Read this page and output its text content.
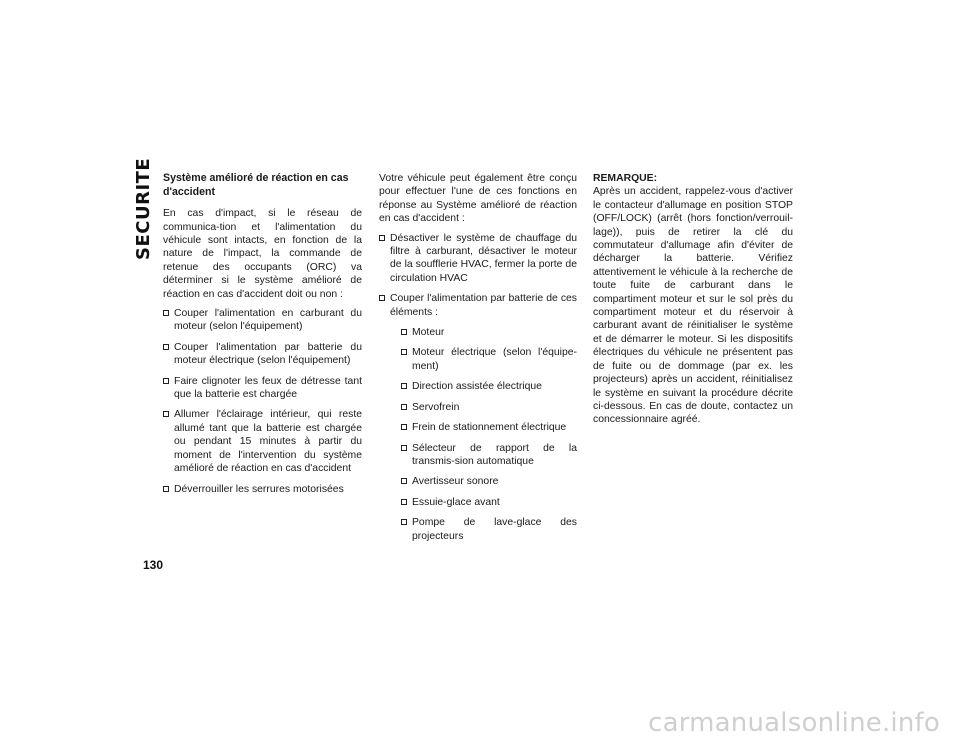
SECURITE Système amélioré de réaction en cas d'accident

En cas d'impact, si le réseau de communica-tion et l'alimentation du véhicule sont intacts, en fonction de la nature de l'impact, la commande de retenue des occupants (ORC) va déterminer si le système amélioré de réaction en cas d'accident doit ou non :

Couper l'alimentation en carburant du moteur (selon l'équipement)
Couper l'alimentation par batterie du moteur électrique (selon l'équipement)
Faire clignoter les feux de détresse tant que la batterie est chargée
Allumer l'éclairage intérieur, qui reste allumé tant que la batterie est chargée ou pendant 15 minutes à partir du moment de l'intervention du système amélioré de réaction en cas d'accident
Déverrouiller les serrures motorisées

Votre véhicule peut également être conçu pour effectuer l'une de ces fonctions en réponse au Système amélioré de réaction en cas d'accident :

Désactiver le système de chauffage du filtre à carburant, désactiver le moteur de la soufflerie HVAC, fermer la porte de circulation HVAC
Couper l'alimentation par batterie de ces éléments :
Moteur
Moteur électrique (selon l'équipe-ment)
Direction assistée électrique
Servofrein
Frein de stationnement électrique
Sélecteur de rapport de la transmis-sion automatique
Avertisseur sonore
Essuie-glace avant
Pompe de lave-glace des projecteurs

REMARQUE:

Après un accident, rappelez-vous d'activer le contacteur d'allumage en position STOP (OFF/LOCK) (arrêt (hors fonction/verrouil-lage)), puis de retirer la clé du commutateur d'allumage afin d'éviter de décharger la batterie. Vérifiez attentivement le véhicule à la recherche de toute fuite de carburant dans le compartiment moteur et sur le sol près du compartiment moteur et du réservoir à carburant avant de réinitialiser le système et de démarrer le moteur. Si les dispositifs électriques du véhicule ne présentent pas de fuite ou de dommage (par ex. les projecteurs) après un accident, réinitialisez le système en suivant la procédure décrite ci-dessous. En cas de doute, contactez un concessionnaire agréé.

130
carmanualsonline.info
